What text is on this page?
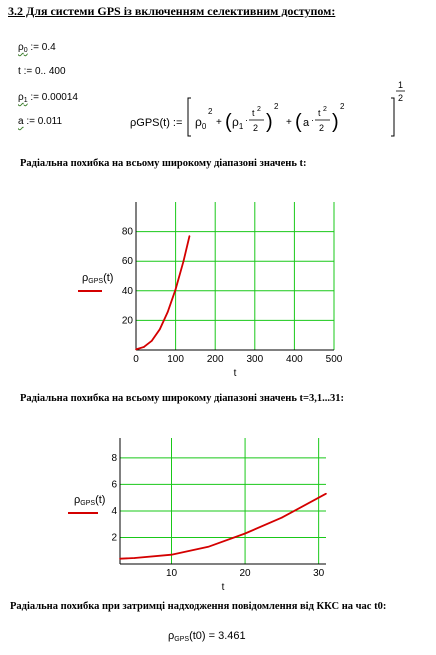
3.2 Для системи GPS із включенням селективним доступом:
$\rho_0$ := 0.4
t := 0.. 400
$\rho_1$ := 0.00014
a := 0.011	ρGPS(t) := $\rho_0$
2
+ ( $\rho_1$
·
t 2
2 )
2
+ ( a ·
t 2
2 )
2
1
2
Радіальна похибка на всьому широкому діапазоні значень t:
0	100 200 300 400 500
20
40
60
80
t
$\rho_{GPS}(t)$
Радіальна похибка на всьому широкому діапазоні значень t=3,1...31:
10	20	30
2
4
6
8
t
$\rho_{GPS}(t)$
Радіальна похибка при затримці надходження повідомлення від ККС на час t0:
$\rho_{GPS}(t0) = 3.461$
